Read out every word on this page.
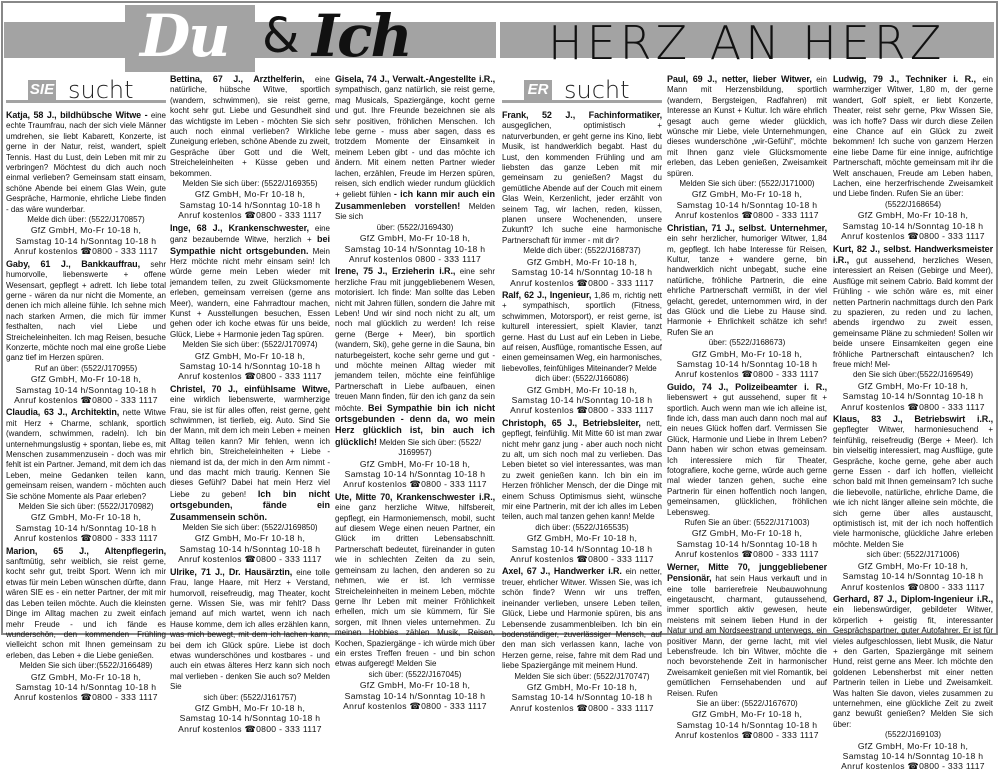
Du & Ich	HERZ AN HERZ
SIE sucht
Katja, 58 J., bildhübsche Witwe - eine echte Traumfrau, nach der sich viele Männer umdrehen, sie liebt Kabarett, Konzerte, ist gerne in der Natur, reist, wandert, spielt Tennis. Hast du Lust, dein Leben mit mir zu verbringen? Möchtest du dich auch noch einmal verlieben? Gemeinsam statt einsam, schöne Abende bei einem Glas Wein, gute Gespräche, Harmonie, ehrliche Liebe finden - das wäre wunderbar.
Melde dich über: (5522/J170857)
GfZ GmbH, Mo-Fr 10-18 h,
Samstag 10-14 h/Sonntag 10-18 h
Anruf kostenlos ☎0800 - 333 1117
Gaby, 61 J., Bankkauffrau, sehr humorvolle, liebenswerte + offene Wesensart, gepflegt + adrett. Ich liebe total gerne - wären da nur nicht die Momente, an denen ich mich alleine fühle. Ich sehne mich nach starken Armen, die mich für immer festhalten, nach viel Liebe und Streicheleinheiten. Ich mag Reisen, besuche Konzerte, möchte noch mal eine große Liebe ganz tief im Herzen spüren.
Ruf an über: (5522/J170955)
GfZ GmbH, Mo-Fr 10-18 h,
Samstag 10-14 h/Sonntag 10-18 h
Anruf kostenlos ☎0800 - 333 1117
Claudia, 63 J., Architektin, nette Witwe mit Herz + Charme, schlank, sportlich (wandern, schwimmen, radeln). Ich bin unternehmungslustig + spontan, liebe es, mit Menschen zusammenzusein - doch was mir fehlt ist ein Partner. Jemand, mit dem ich das Leben, meine Gedanken teilen kann, gemeinsam reisen, wandern - möchten auch Sie schöne Momente als Paar erleben?
Melden Sie sich über: (5522/J170982)
GfZ GmbH, Mo-Fr 10-18 h,
Samstag 10-14 h/Sonntag 10-18 h
Anruf kostenlos ☎0800 - 333 1117
Marion, 65 J., Altenpflegerin, sanftmütig, sehr weiblich, sie reist gerne, kocht sehr gut, treibt Sport. Wenn ich mir etwas für mein Leben wünschen dürfte, dann wären SIE es - ein netter Partner, der mit mir das Leben teilen möchte. Auch die kleinsten Dinge im Alltag machen zu zweit einfach mehr Freude - und ich fände es wunderschön, den kommenden Frühling vielleicht schon mit Ihnen gemeinsam zu erleben, das Leben + die Liebe genießen.
Melden Sie sich über:(5522/J166489)
GfZ GmbH, Mo-Fr 10-18 h,
Samstag 10-14 h/Sonntag 10-18 h
Anruf kostenlos ☎0800 - 333 1117
Bettina, 67 J., Arzthelferin, eine natürliche, hübsche Witwe, sportlich (wandern, schwimmen), sie reist gerne, kocht sehr gut. Liebe und Gesundheit sind das wichtigste im Leben - möchten Sie sich auch noch einmal verlieben? Wirkliche Zuneigung erleben, schöne Abende zu zweit, Gespräche über Gott und die Welt, Streicheleinheiten + Küsse geben und bekommen.
Melden Sie sich über: (5522/J169355)
GfZ GmbH, Mo-Fr 10-18 h,
Samstag 10-14 h/Sonntag 10-18 h
Anruf kostenlos ☎0800 - 333 1117
Inge, 68 J., Krankenschwester, eine ganz bezaubernde Witwe, herzlich + bei Sympathie nicht ortsgebunden. Mein Herz möchte nicht mehr einsam sein! Ich würde gerne mein Leben wieder mit jemandem teilen, zu zweit Glücksmomente erleben, gemeinsam verreisen (gerne ans Meer), wandern, eine Fahrradtour machen, Kunst + Ausstellungen besuchen, Essen gehen oder ich koche etwas für uns beide, Glück, Liebe + Harmonie jeden Tag spüren.
Melden Sie sich über: (5522/J170974)
GfZ GmbH, Mo-Fr 10-18 h,
Samstag 10-14 h/Sonntag 10-18 h
Anruf kostenlos ☎0800 - 333 1117
Christel, 70 J., einfühlsame Witwe, eine wirklich liebenswerte, warmherzige Frau, sie ist für alles offen, reist gerne, geht schwimmen, ist tierlieb, eig. Auto. Sind Sie der Mann, mit dem ich mein Leben + meinen Alltag teilen kann? Mir fehlen, wenn ich ehrlich bin, Streicheleinheiten + Liebe - niemand ist da, der mich in den Arm nimmt - und das macht mich traurig. Kennen Sie dieses Gefühl? Dabei hat mein Herz viel Liebe zu geben! Ich bin nicht ortsgebunden, fände ein Zusammensein schön.
Melden Sie sich über: (5522/J169850)
GfZ GmbH, Mo-Fr 10-18 h,
Samstag 10-14 h/Sonntag 10-18 h
Anruf kostenlos ☎0800 - 333 1117
Ulrike, 71 J., Dr. Hausärztin, eine tolle Frau, lange Haare, mit Herz + Verstand, humorvoll, reisefreudig, mag Theater, kocht gerne. Wissen Sie, was mir fehlt? Dass jemand auf mich wartet, wenn ich nach Hause komme, dem ich alles erzählen kann, was mich bewegt, mit dem ich lachen kann, bei dem ich Glück spüre. Liebe ist doch etwas wunderschönes und kostbares - und auch ein etwas älteres Herz kann sich noch mal verlieben - denken Sie auch so? Melden Sie
sich über: (5522/J161757)
GfZ GmbH, Mo-Fr 10-18 h,
Samstag 10-14 h/Sonntag 10-18 h
Anruf kostenlos ☎0800 - 333 1117
Gisela, 74 J., Verwalt.-Angestellte i.R., sympathisch, ganz natürlich, sie reist gerne, mag Musicals, Spaziergänge, kocht gerne und gut. Ihre Freunde bezeichnen sie als sehr positiven, fröhlichen Menschen. Ich lebe gerne - muss aber sagen, dass es trotzdem Momente der Einsamkeit in meinem Leben gibt - und das möchte ich ändern. Mit einem netten Partner wieder lachen, erzählen, Freude im Herzen spüren, reisen, sich endlich wieder rundum glücklich + geliebt fühlen - ich kann mir auch ein Zusammenleben vorstellen! Melden Sie sich
über: (5522/J169430)
GfZ GmbH, Mo-Fr 10-18 h,
Samstag 10-14 h/Sonntag 10-18 h
Anruf kostenlos 0800 - 333 1117
Irene, 75 J., Erzieherin i.R., eine sehr herzliche Frau mit junggebliebenem Wesen, motorisiert. Ich finde: Man sollte das Leben nicht mit Jahren füllen, sondern die Jahre mit Leben! Und wir sind noch nicht zu alt, um noch mal glücklich zu werden! Ich reise gerne (Berge + Meer), bin sportlich (wandern, Ski), gehe gerne in die Sauna, bin naturbegeistert, koche sehr gerne und gut - und möchte meinen Alltag wieder mit jemandem teilen, möchte eine feinfühlige Partnerschaft in Liebe aufbauen, einen treuen Mann finden, für den ich ganz da sein möchte. Bei Sympathie bin ich nicht ortsgebunden - denn da, wo mein Herz glücklich ist, bin auch ich glücklich! Melden Sie sich über: (5522/
J169957)
GfZ GmbH, Mo-Fr 10-18 h,
Samstag 10-14 h/Sonntag 10-18 h
Anruf kostenlos ☎0800 - 333 1117
Ute, Mitte 70, Krankenschwester i.R., eine ganz herzliche Witwe, hilfsbereit, gepflegt, ein Harmoniemensch, mobil, sucht auf diesem Wege einen neuen Partner, ein Glück im dritten Lebensabschnitt. Partnerschaft bedeutet, füreinander in guten wie in schlechten Zeiten da zu sein, gemeinsam zu lachen, den anderen so zu nehmen, wie er ist. Ich vermisse Streicheleinheiten in meinem Leben, möchte gerne Ihr Leben mit meiner Fröhlichkeit erhellen, mich um sie kümmern, für Sie sorgen, mit Ihnen vieles unternehmen. Zu meinen Hobbies zählen Musik, Reisen, Kochen, Spaziergänge - ich würde mich über ein erstes Treffen freuen - und bin schon etwas aufgeregt! Melden Sie
sich über: (5522/J167045)
GfZ GmbH, Mo-Fr 10-18 h,
Samstag 10-14 h/Sonntag 10-18 h
Anruf kostenlos ☎0800 - 333 1117
ER sucht
Frank, 52 J., Fachinformatiker, ausgeglichen, optimistisch + naturverbunden, er geht gerne ins Kino, liebt Musik, ist handwerklich begabt. Hast du Lust, den kommenden Frühling und am liebsten das ganze Leben mit mir gemeinsam zu genießen? Magst du gemütliche Abende auf der Couch mit einem Glas Wein, Kerzenlicht, jeder erzählt von seinem Tag, wir lachen, reden, küssen, planen unsere Wochenenden, unsere Zukunft? Ich suche eine harmonische Partnerschaft für immer - mit dir?
Melde dich über: (5522/J168737)
GfZ GmbH, Mo-Fr 10-18 h,
Samstag 10-14 h/Sonntag 10-18 h
Anruf kostenlos ☎0800 - 333 1117
Ralf, 62 J., Ingenieur, 1,86 m, richtig nett + sympathisch, sportlich (Fitness, schwimmen, Motorsport), er reist gerne, ist kulturell interessiert, spielt Klavier, tanzt gerne. Hast du Lust auf ein Leben in Liebe, auf reisen, Ausflüge, romantische Essen, auf einen gemeinsamen Weg, ein harmonisches, liebevolles, feinfühliges Miteinander? Melde
dich über: (5522/J166086)
GfZ GmbH, Mo-Fr 10-18 h,
Samstag 10-14 h/Sonntag 10-18 h
Anruf kostenlos ☎0800 - 333 1117
Christoph, 65 J., Betriebsleiter, nett, gepflegt, feinfühlig. Mit Mitte 60 ist man zwar nicht mehr ganz jung - aber auch noch nicht zu alt, um sich noch mal zu verlieben. Das Leben bietet so viel interessantes, was man zu zweit genießen kann. Ich bin ein im Herzen fröhlicher Mensch, der die Dinge mit einem Schuss Optimismus sieht, wünsche mir eine Partnerin, mit der ich alles im Leben teilen, auch mal tanzen gehen kann! Melde
dich über: (5522/J165535)
GfZ GmbH, Mo-Fr 10-18 h,
Samstag 10-14 h/Sonntag 10-18 h
Anruf kostenlos ☎0800 - 333 1117
Axel, 67 J., Handwerker i.R. ein netter, treuer, ehrlicher Witwer. Wissen Sie, was ich schön finde? Wenn wir uns treffen, ineinander verlieben, unsere Leben teilen, Glück, Liebe und Harmonie spüren, bis ans Lebensende zusammenbleiben. Ich bin ein bodenständiger, zuverlässiger Mensch, auf den man sich verlassen kann, lache von Herzen gerne, reise, fahre mit dem Rad und liebe Spaziergänge mit meinem Hund.
Melden Sie sich über: (5522/J170747)
GfZ GmbH, Mo-Fr 10-18 h,
Samstag 10-14 h/Sonntag 10-18 h
Anruf kostenlos ☎0800 - 333 1117
Paul, 69 J., netter, lieber Witwer, ein Mann mit Herzensbildung, sportlich (wandern, Bergsteigen, Radfahren) mit Interesse an Kunst + Kultur. Ich wäre ehrlich gesagt auch gerne wieder glücklich, wünsche mir Liebe, viele Unternehmungen, dieses wunderschöne „wir-Gefühl", möchte mit Ihnen ganz viele Glücksmomente erleben, das Leben genießen, Zweisamkeit spüren.
Melden Sie sich über: (5522/J171000)
GfZ GmbH, Mo-Fr 10-18 h,
Samstag 10-14 h/Sonntag 10-18 h
Anruf kostenlos ☎0800 - 333 1117
Christian, 71 J., selbst. Unternehmer, ein sehr herzlicher, humoriger Witwer, 1,84 m, gepflegt. Ich habe Interesse für Reisen, Kultur, tanze + wandere gerne, bin handwerklich nicht unbegabt, suche eine natürliche, fröhliche Partnerin, die eine ehrliche Partnerschaft vermißt, in der viel gelacht, geredet, unternommen wird, in der das Glück und die Liebe zu Hause sind. Harmonie + Ehrlichkeit schätze ich sehr! Rufen Sie an
über: (5522/J168673)
GfZ GmbH, Mo-Fr 10-18 h,
Samstag 10-14 h/Sonntag 10-18 h
Anruf kostenlos ☎0800 - 333 1117
Guido, 74 J., Polizeibeamter i. R., liebenswert + gut aussehend, super fit + sportlich. Auch wenn man wie ich alleine ist, finde ich, dass man auch dann noch mal auf ein neues Glück hoffen darf. Vermissen Sie Glück, Harmonie und Liebe in Ihrem Leben? Dann haben wir schon etwas gemeinsam. Ich interessiere mich für Theater, fotografiere, koche gerne, würde auch gerne mal wieder tanzen gehen, suche eine Partnerin für einen hoffentlich noch langen, gemeinsamen, glücklichen, fröhlichen Lebensweg.
Rufen Sie an über: (5522/J171003)
GfZ GmbH, Mo-Fr 10-18 h,
Samstag 10-14 h/Sonntag 10-18 h
Anruf kostenlos ☎0800 - 333 1117
Werner, Mitte 70, junggebliebener Pensionär, hat sein Haus verkauft und in eine tolle barrierefreie Neubauwohnung eingetauscht, charmant, gutaussehend, immer sportlich aktiv gewesen, heute meistens mit seinem lieben Hund in der Natur und am Nordseestrand unterwegs, ein positiver Mann, der gerne lacht, mit viel Lebensfreude. Ich bin Witwer, möchte die noch bevorstehende Zeit in harmonischer Zweisamkeit genießen mit viel Romantik, bei gemütlichen Fernsehabenden und auf Reisen. Rufen
Sie an über: (5522/J167670)
GfZ GmbH, Mo-Fr 10-18 h,
Samstag 10-14 h/Sonntag 10-18 h
Anruf kostenlos ☎0800 - 333 1117
Ludwig, 79 J., Techniker i. R., ein warmherziger Witwer, 1,80 m, der gerne wandert, Golf spielt, er liebt Konzerte, Theater, reist sehr gerne, Pkw Wissen Sie, was ich hoffe? Dass wir durch diese Zeilen eine Chance auf ein Glück zu zweit bekommen! Ich suche von ganzem Herzen eine liebe Dame für eine innige, aufrichtige Partnerschaft, möchte gemeinsam mit ihr die Welt anschauen, Freude am Leben haben, Lachen, eine herzerfrischende Zweisamkeit und Liebe finden. Rufen Sie an über:
(5522/J168654)
GfZ GmbH, Mo-Fr 10-18 h,
Samstag 10-14 h/Sonntag 10-18 h
Anruf kostenlos ☎0800 - 333 1117
Kurt, 82 J., selbst. Handwerksmeister i.R., gut aussehend, herzliches Wesen, interessiert an Reisen (Gebirge und Meer), Ausflüge mit seinem Cabrio. Bald kommt der Frühling - wie schön wäre es, mit einer netten Partnerin nachmittags durch den Park zu spazieren, zu reden und zu lachen, abends irgendwo zu zweit essen, gemeinsame Pläne zu schmieden! Sollen wir beide unsere Einsamkeiten gegen eine fröhliche Partnerschaft eintauschen? Ich freue mich! Mel-
den Sie sich über:(5522/J169549)
GfZ GmbH, Mo-Fr 10-18 h,
Samstag 10-14 h/Sonntag 10-18 h
Anruf kostenlos ☎0800 - 333 1117
Klaus, 83 J., Betriebswirt i.R., gepflegter Witwer, harmoniesuchend + feinfühlig, reisefreudig (Berge + Meer). Ich bin vielseitig interessiert, mag Ausflüge, gute Gespräche, koche gerne, gehe aber auch gerne Essen - darf ich hoffen, vielleicht schon bald mit Ihnen gemeinsam? Ich suche die liebevolle, natürliche, ehrliche Dame, die wie ich nicht länger alleine sein möchte, die sich gerne über alles austauscht, optimistisch ist, mit der ich noch hoffentlich viele harmonische, glückliche Jahre erleben möchte. Melden Sie
sich über: (5522/J171006)
GfZ GmbH, Mo-Fr 10-18 h,
Samstag 10-14 h/Sonntag 10-18 h
Anruf kostenlos ☎0800 - 333 1117
Gerhard, 87 J., Diplom-Ingenieur i.R., ein liebenswürdiger, gebildeter Witwer, körperlich + geistig fit, interessanter Gesprächspartner, guter Autofahrer. Er ist für vieles aufgeschlossen, liebt Musik, die Natur + den Garten, Spaziergänge mit seinem Hund, reist gerne ans Meer. Ich möchte den goldenen Lebensherbst mit einer netten Partnerin teilen in Liebe und Zweisamkeit. Was halten Sie davon, vieles zusammen zu unternehmen, eine glückliche Zeit zu zweit ganz bewußt genießen? Melden Sie sich über:
(5522/J169103)
GfZ GmbH, Mo-Fr 10-18 h,
Samstag 10-14 h/Sonntag 10-18 h
Anruf kostenlos ☎0800 - 333 1117
